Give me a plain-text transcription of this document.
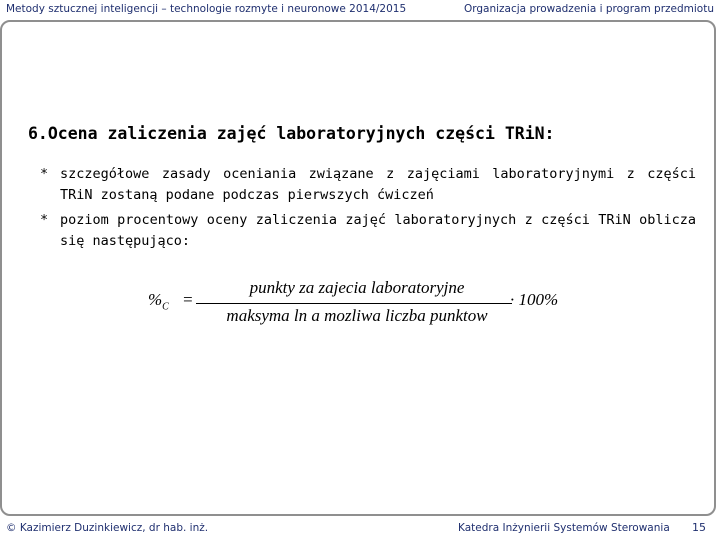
Metody sztucznej inteligencji – technologie rozmyte i neuronowe 2014/2015	Organizacja prowadzenia i program przedmiotu
6.Ocena zaliczenia zajęć laboratoryjnych części TRiN:
* szczegółowe zasady oceniania związane z zajęciami laboratoryjnymi z części TRiN zostaną podane podczas pierwszych ćwiczeń
* poziom procentowy oceny zaliczenia zajęć laboratoryjnych z części TRiN oblicza się następująco:
$\%_C$ =
punkty za zajecia laboratoryjne
maksyma ln a mozliwa liczba punktow
· 100%
© Kazimierz Duzinkiewicz, dr hab. inż.	Katedra Inżynierii Systemów Sterowania 15
